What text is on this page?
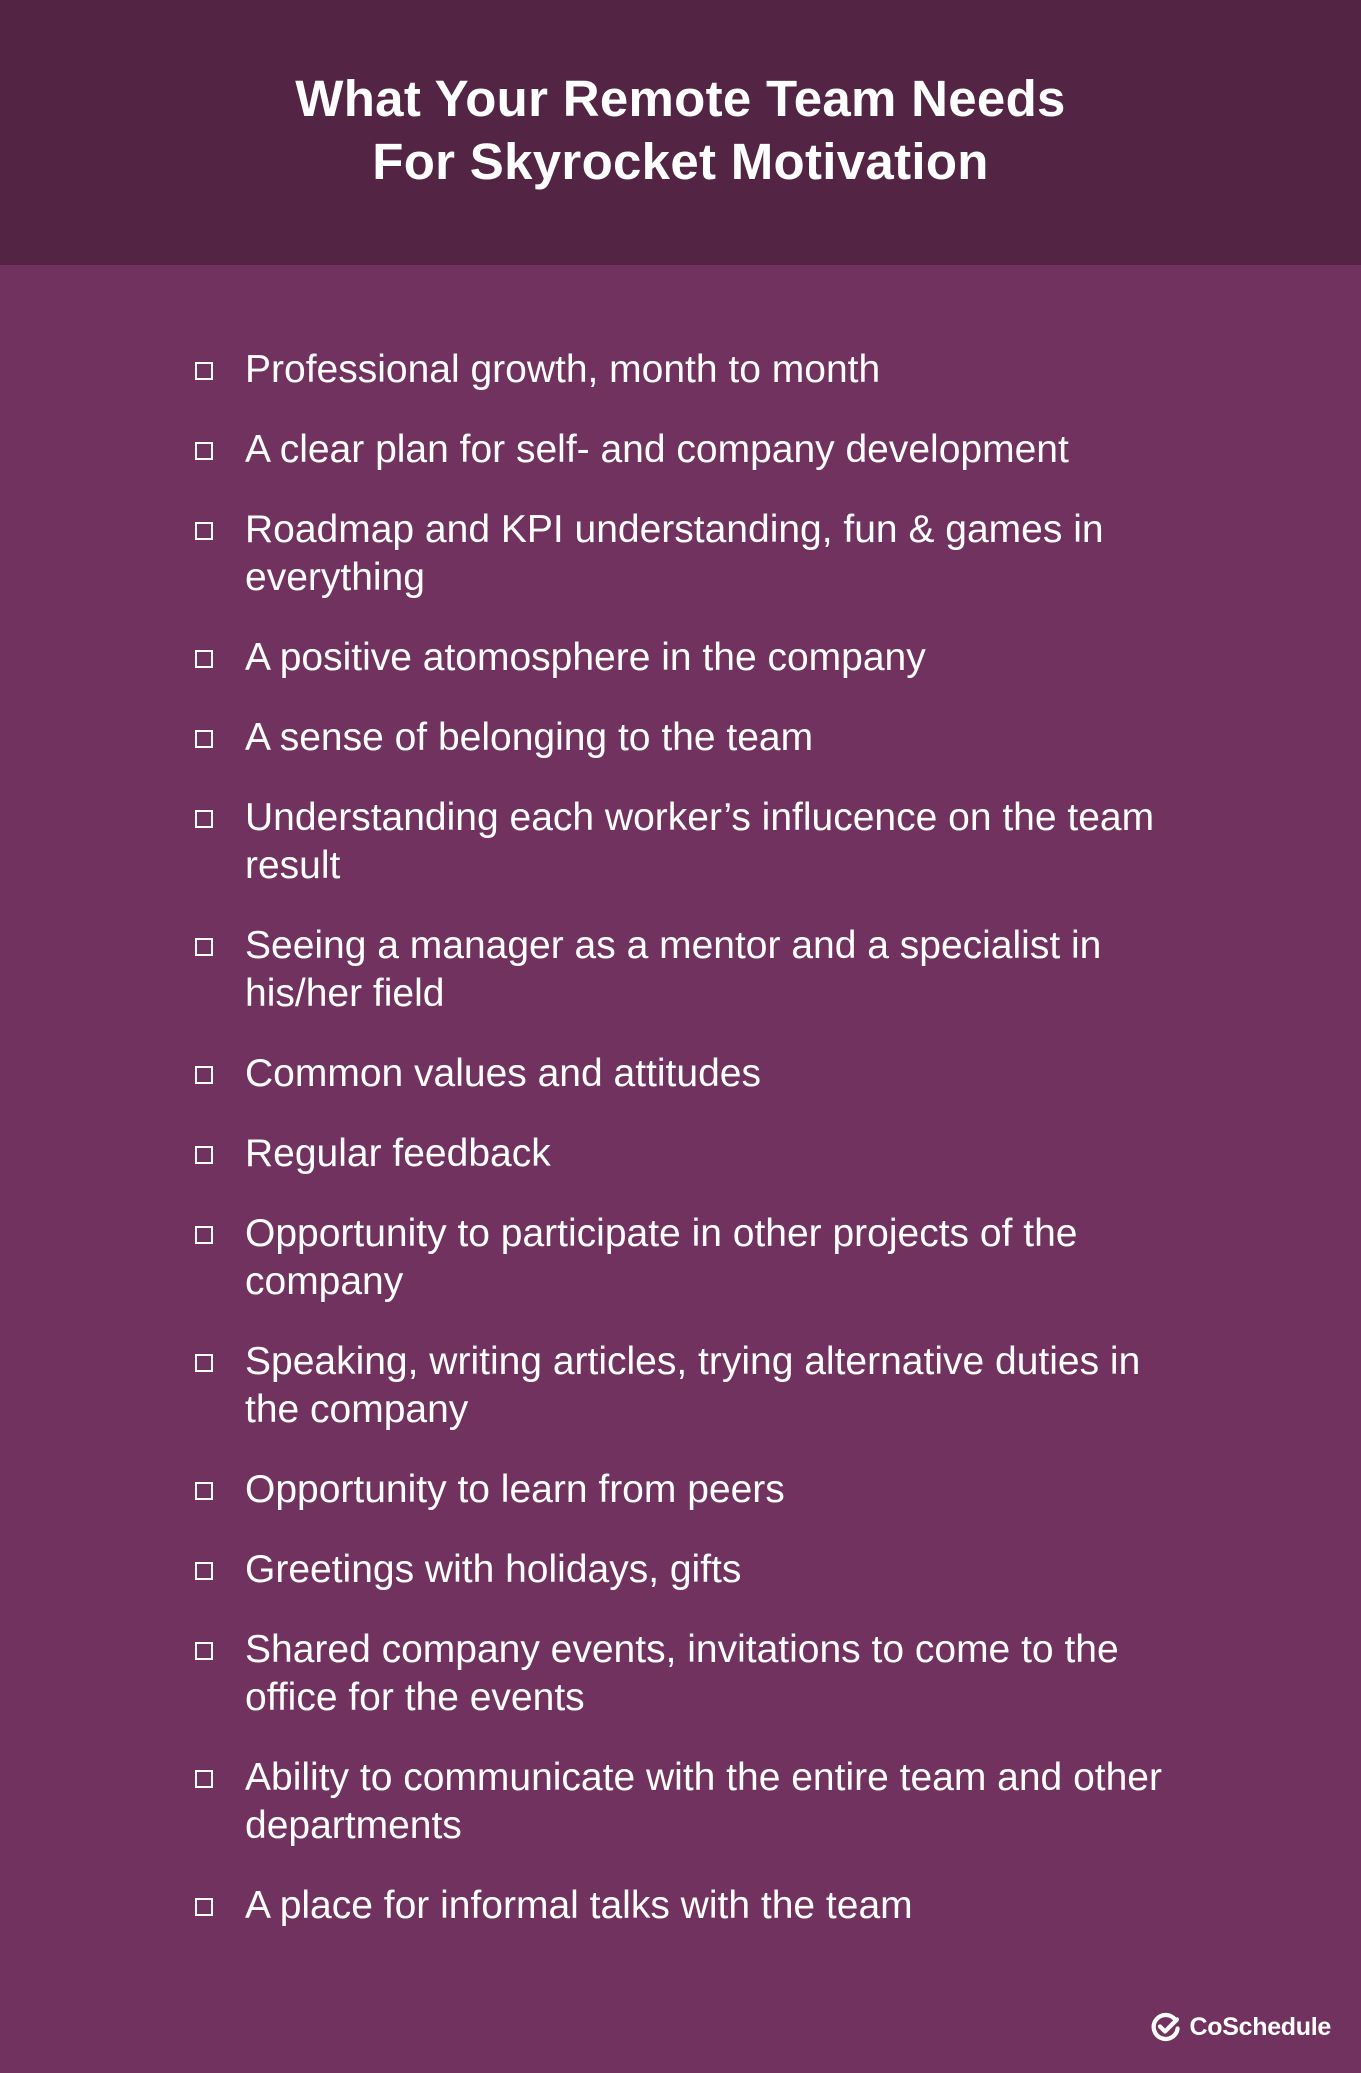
What Your Remote Team Needs
For Skyrocket Motivation
Professional growth, month to month
A clear plan for self- and company development
Roadmap and KPI understanding, fun & games in everything
A positive atomosphere in the company
A sense of belonging to the team
Understanding each worker’s influcence on the team result
Seeing a manager as a mentor and a specialist in his/her field
Common values and attitudes
Regular feedback
Opportunity to participate in other projects of the company
Speaking, writing articles, trying alternative duties in the company
Opportunity to learn from peers
Greetings with holidays, gifts
Shared company events, invitations to come to the office for the events
Ability to communicate with the entire team and other departments
A place for informal talks with the team
CoSchedule
